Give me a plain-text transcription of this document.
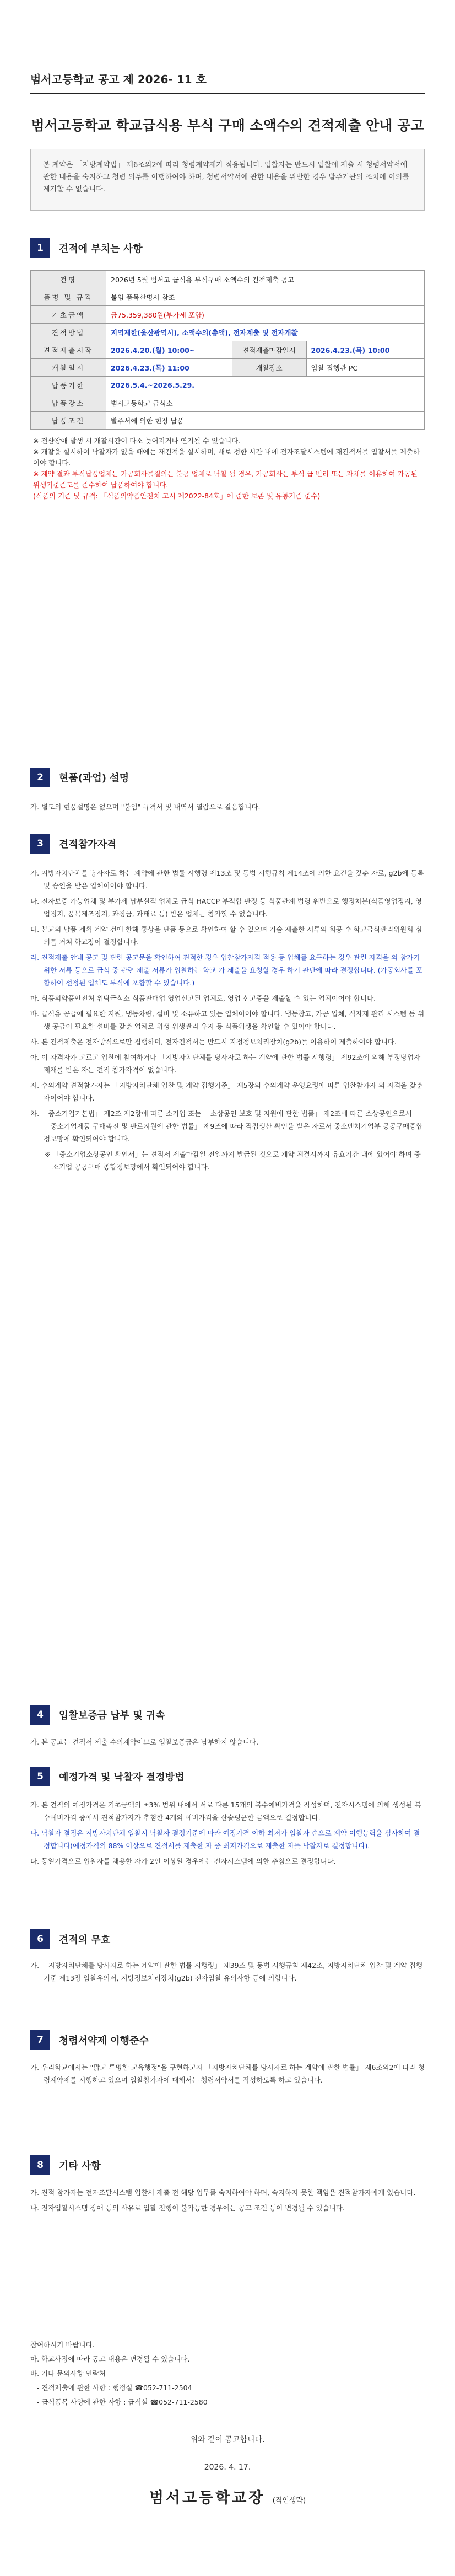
범서고등학교 공고 제 2026- 11 호
범서고등학교 학교급식용 부식 구매 소액수의 견적제출 안내 공고
본 계약은 「지방계약법」 제6조의2에 따라 청렴계약제가 적용됩니다. 입찰자는 반드시 입찰에 제출 시 청렴서약서에 관한 내용을 숙지하고 청렴 의무를 이행하여야 하며, 청렴서약서에 관한 내용을 위반한 경우 발주기관의 조치에 이의를 제기할 수 없습니다.
1	견적에 부치는 사항
건명	2026년 5월 범서고 급식용 부식구매 소액수의 견적제출 공고		
품명 및 규격	붙임 품목산명서 참조		
기초금액	금75,359,380원(부가세 포함)		
견적방법	지역제한(울산광역시), 소액수의(총액), 전자계출 및 전자개찰		
견적제출시작	2026.4.20.(월) 10:00~	견적제출마감일시	2026.4.23.(목) 10:00
개찰일시	2026.4.23.(목) 11:00	개찰장소	입찰 집행관 PC
납품기한	2026.5.4.~2026.5.29.		
납품장소	범서고등학교 급식소		
납품조건	발주서에 의한 현장 납품		
※ 전산장애 발생 시 개찰시간이 다소 늦어지거나 연기될 수 있습니다.
※ 개찰을 실시하여 낙찰자가 없을 때에는 재견적을 실시하며, 새로 정한 시간 내에 전자조달시스템에 재견적서를 입찰서를 제출하여야 합니다.
※ 계약 결과 부식납품업체는 가공회사를질의는 불공 업체로 낙찰 될 경우, 가공회사는 부식 급 번리 또는 자체를 이용하여 가공된 위생기준준도를 준수하여 납품하여야 합니다.
(식품의 기준 및 규격: 「식품의약품안전처 고시 제2022-84호」에 준한 보존 및 유통기준 준수)
2	현품(과업) 설명

가. 별도의 현품설명은 없으며 "붙임" 규격서 및 내역서 열람으로 갈음합니다.

3	견적참가자격

가. 지방자치단체를 당사자로 하는 계약에 관한 법률 시행령 제13조 및 동법 시행규칙 제14조에 의한 요건을 갖춘 자로, g2b에 등록 및 승인을 받은 업체이어야 합니다.

나. 전자보증 가능업체 및 부가세 납부실적 업체로 급식 HACCP 부적합 판정 등 식품관계 법령 위반으로 행정처분(식품영업정지, 영업정지, 품목제조정지, 과징금, 과태료 등) 받은 업체는 참가할 수 없습니다.

다. 본교의 납품 계획 계약 건에 한해 통상을 단품 등으로 확인하여 할 수 있으며 기술 제출한 서류의 회공 수 학교급식관리위원회 심의를 거쳐 학교장이 결정합니다.

라. 견적제출 안내 공고 및 관련 공고문을 확인하여 견적한 경우 입찰참가자격 적용 등 업체를 요구하는 경우 관련 자격을 의 참가기 위한 서류 등으로 급식 중 관련 제출 서류가 입찰하는 학교 가 제출을 요청할 경우 하기 판단에 따라 결정합니다. (가공회사를 포함하여 선정된 업체도 부식에 포함할 수 있습니다.)

마. 식품의약품안전처 위탁급식소 식품판매업 영업신고된 업체로, 영업 신고증을 제출할 수 있는 업체이어야 합니다.

바. 급식용 공급에 필요한 지원, 냉동차량, 설비 및 소유하고 있는 업체이어야 합니다. 냉동창고, 가공 업체, 식자재 관리 시스템 등 위생 공급이 필요한 설비를 갖춘 업체로 위생 위생관리 유지 등 식품위생을 확인할 수 있어야 합니다.

사. 본 견적제출은 전자방식으로만 집행하며, 전자견적서는 반드시 지정정보처리장치(g2b)를 이용하여 제출하여야 합니다.

아. 이 자격자가 고르고 입찰에 참여하거나 「지방자치단체를 당사자로 하는 계약에 관한 법률 시행령」 제92조에 의해 부정당업자 제재를 받은 자는 견적 참가자격이 없습니다.

자. 수의계약 견적참가자는 「지방자치단체 입찰 및 계약 집행기준」 제5장의 수의계약 운영요령에 따른 입찰참가자 의 자격을 갖춘 자이어야 합니다.

차. 「중소기업기본법」 제2조 제2항에 따른 소기업 또는 「소상공인 보호 및 지원에 관한 법률」 제2조에 따른 소상공인으로서 「중소기업제품 구매촉진 및 판로지원에 관한 법률」 제9조에 따라 직접생산 확인을 받은 자로서 중소벤처기업부 공공구매종합정보망에 확인되어야 합니다.

※ 「중소기업소상공인 확인서」는 견적서 제출마감일 전일까지 발급된 것으로 계약 체결시까지 유효기간 내에 있어야 하며 중소기업 공공구매 종합정보망에서 확인되어야 합니다.

4	입찰보증금 납부 및 귀속

가. 본 공고는 견적서 제출 수의계약이므로 입찰보증금은 납부하지 않습니다.

5	예정가격 및 낙찰자 결정방법

가. 본 견적의 예정가격은 기초금액의 ±3% 범위 내에서 서로 다른 15개의 복수예비가격을 작성하며, 전자시스템에 의해 생성된 복수예비가격 중에서 견적참가자가 추첨한 4개의 예비가격을 산술평균한 금액으로 결정합니다.

나. 낙찰자 결정은 지방자치단체 입찰시 낙찰자 결정기준에 따라 예정가격 이하 최저가 입찰자 순으로 계약 이행능력을 심사하여 결정합니다(예정가격의 88% 이상으로 견적서를 제출한 자 중 최저가격으로 제출한 자를 낙찰자로 결정합니다).

다. 동일가격으로 입찰자를 채용한 자가 2인 이상일 경우에는 전자시스템에 의한 추첨으로 결정합니다.

6	견적의 무효

가. 「지방자치단체를 당사자로 하는 계약에 관한 법률 시행령」 제39조 및 동법 시행규칙 제42조, 지방자치단체 입찰 및 계약 집행기준 제13장 입찰유의서, 지방정보처리장치(g2b) 전자입찰 유의사항 등에 의합니다.

7	청렴서약제 이행준수

가. 우리학교에서는 "맑고 투명한 교육행정"을 구현하고자 「지방자치단체를 당사자로 하는 계약에 관한 법률」 제6조의2에 따라 청렴계약제를 시행하고 있으며 입찰참가자에 대해서는 청렴서약서를 작성하도록 하고 있습니다.

8	기타 사항

가. 견적 참가자는 전자조달시스템 입찰서 제출 전 해당 업무를 숙지하여야 하며, 숙지하지 못한 책임은 견적참가자에게 있습니다.

나. 전자입찰시스템 장애 등의 사유로 입찰 진행이 불가능한 경우에는 공고 조건 등이 변경될 수 있습니다.

참여하시기 바랍니다.
마. 학교사정에 따라 공고 내용은 변경될 수 있습니다.
바. 기타 문의사항 연락처
- 견적제출에 관한 사항 : 행정실 ☎052-711-2504
- 급식품목 사양에 관한 사항 : 급식실 ☎052-711-2580
위와 같이 공고합니다.
2026. 4. 17.
범서고등학교장 (직인생략)
